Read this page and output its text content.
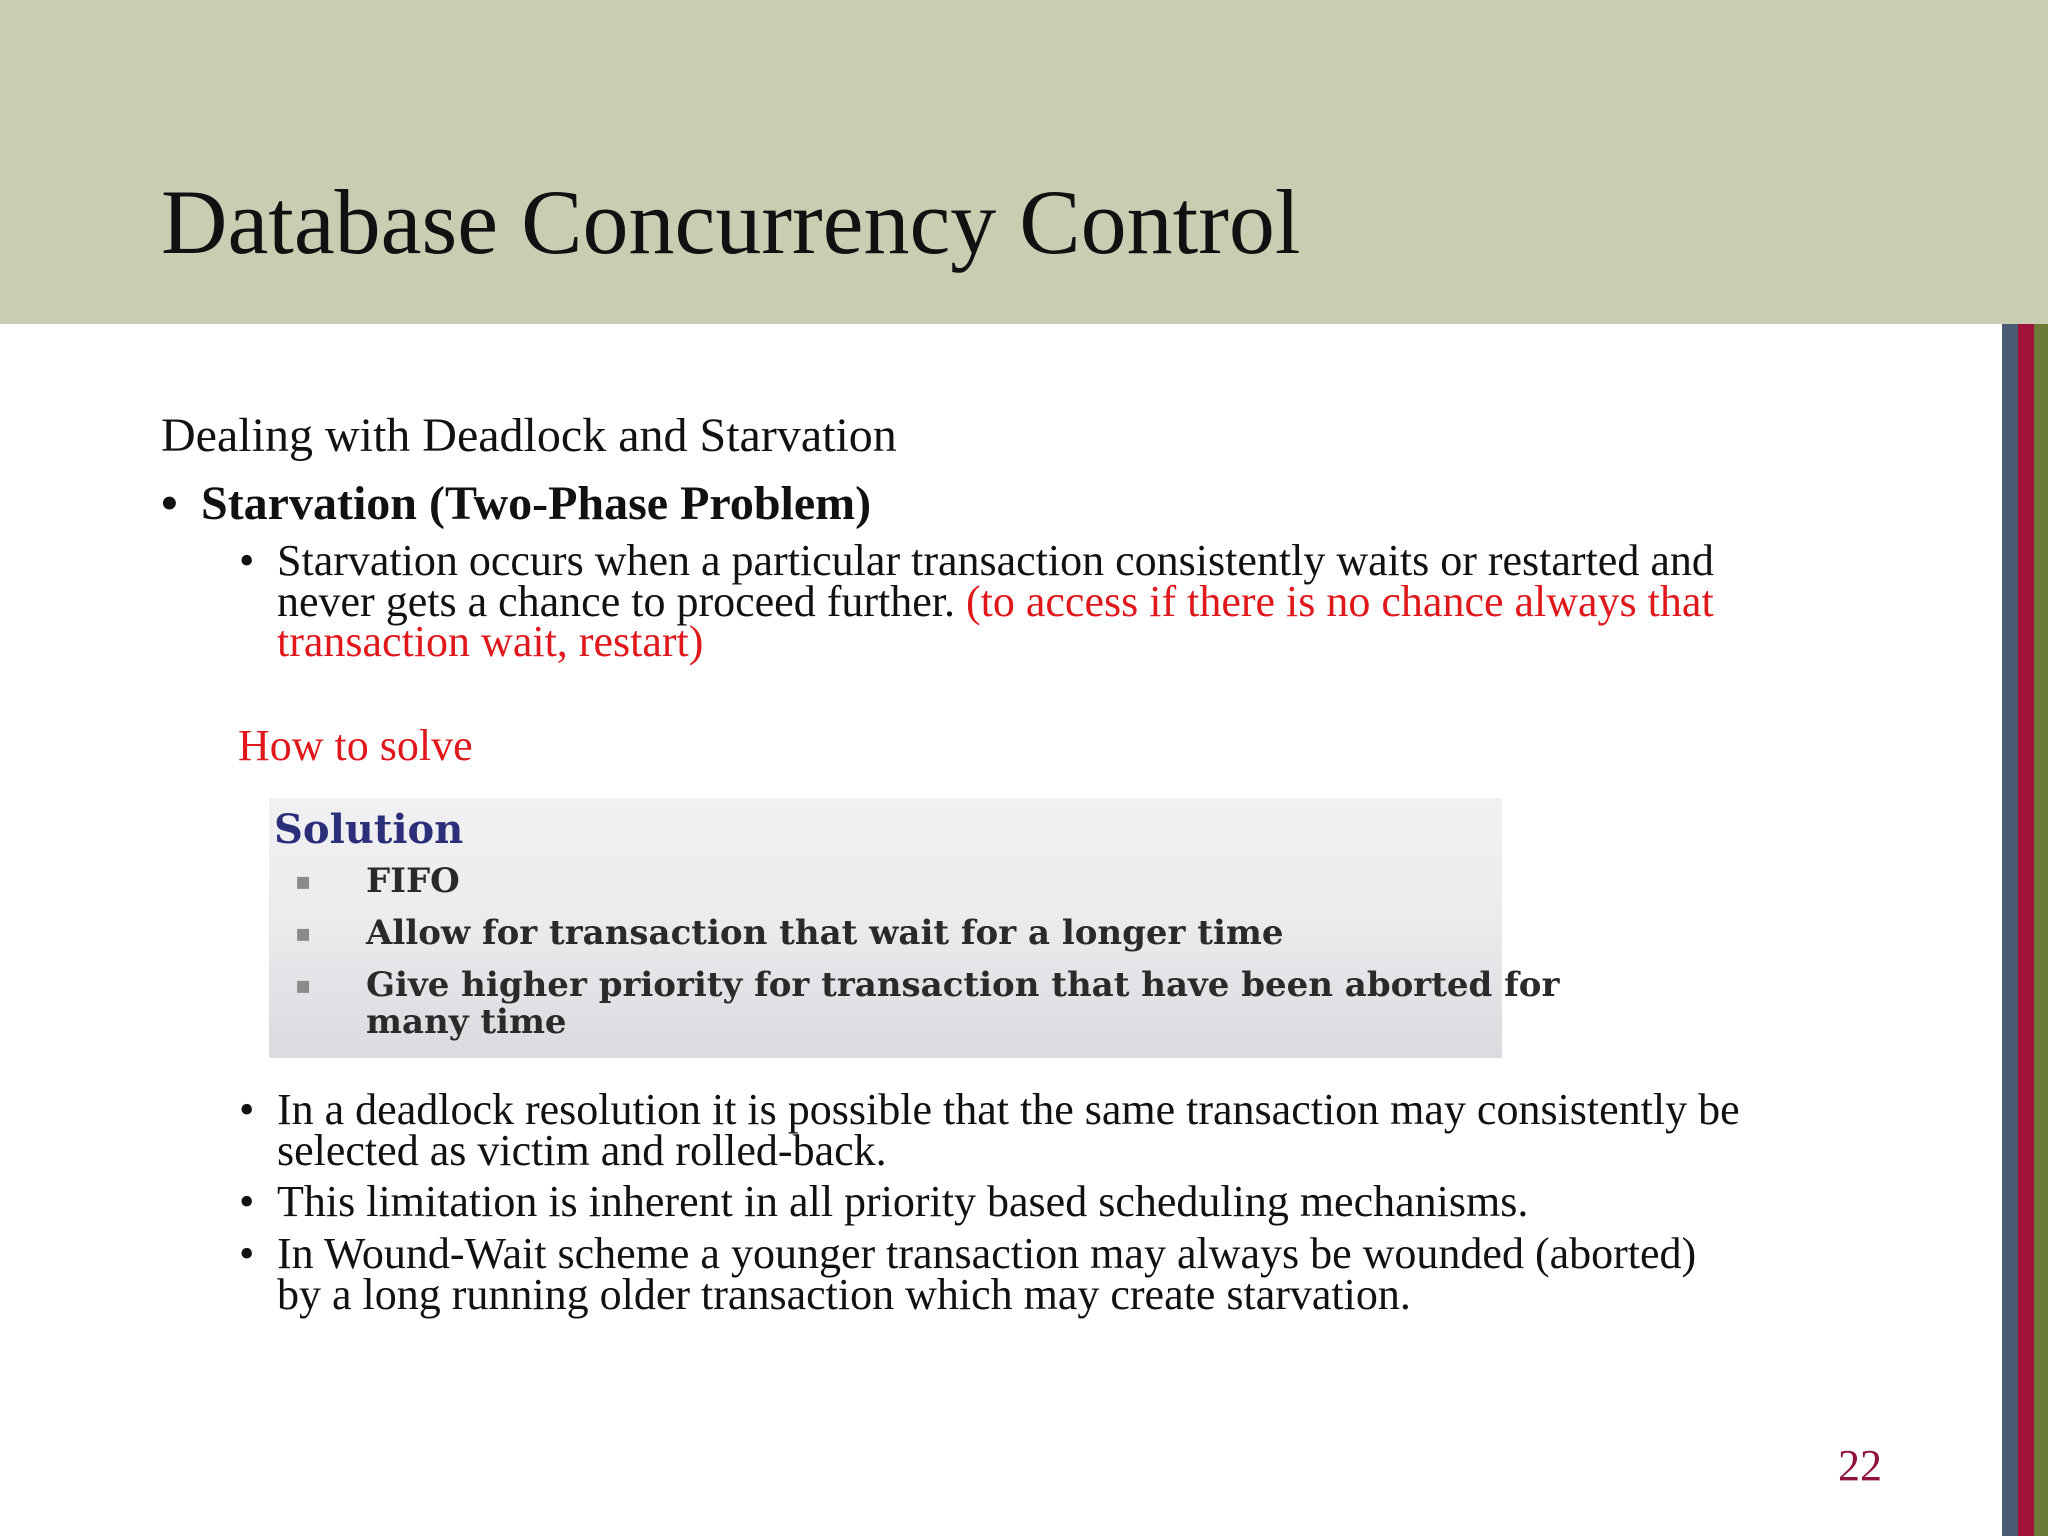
Database Concurrency Control
Dealing with Deadlock and Starvation
• Starvation (Two-Phase Problem)
• Starvation occurs when a particular transaction consistently waits or restarted and
never gets a chance to proceed further. (to access if there is no chance always that
transaction wait, restart)
How to solve
Solution
▪ FIFO
▪ Allow for transaction that wait for a longer time
▪ Give higher priority for transaction that have been aborted for
many time
• In a deadlock resolution it is possible that the same transaction may consistently be
selected as victim and rolled-back.
• This limitation is inherent in all priority based scheduling mechanisms.
• In Wound-Wait scheme a younger transaction may always be wounded (aborted)
by a long running older transaction which may create starvation.
22
